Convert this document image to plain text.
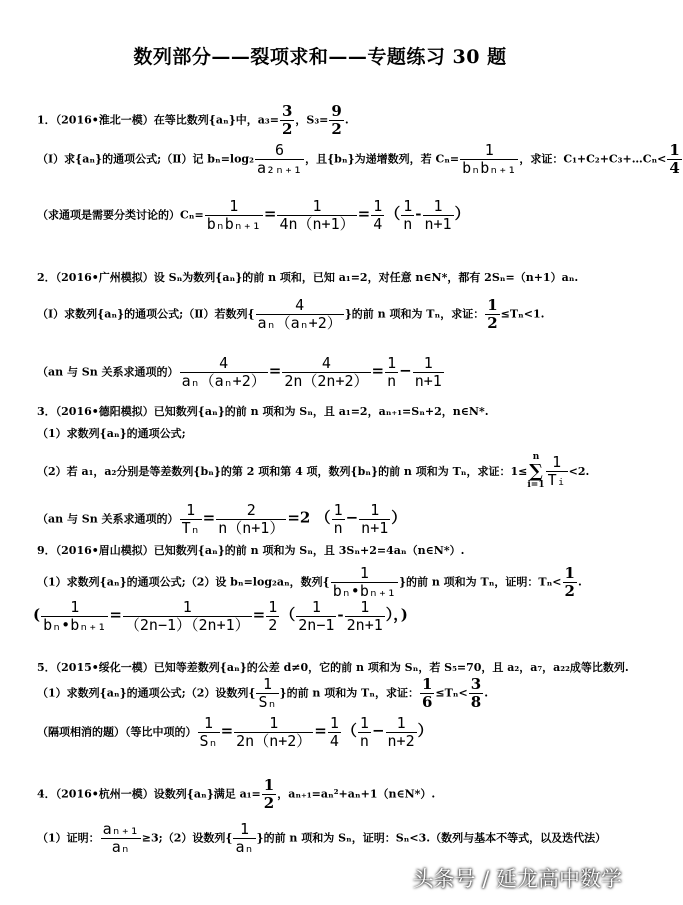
数列部分——裂项求和——专题练习 30 题
1．（2016•淮北一模）在等比数列{aₙ}中，$a_3= \frac{3}{2}$ ，$S_3= \frac{9}{2}$ .
（Ⅰ）求{aₙ}的通项公式;（Ⅱ）记 $b_n=\log_2 \frac{6}{\text{a₂ₙ₊₁}}$ ，且{bₙ}为递增数列，若 $C_n= \frac{1}{\text{bₙbₙ₊₁}}$ ，求证：C₁+C₂+C₃+…Cₙ< $\frac{1}{4}$
（求通项是需要分类讨论的）$C_n= \frac{1}{\text{bₙbₙ₊₁}} = \frac{1}{4n(n+1)} = \frac{1}{4}$ （ $\frac{1}{n} - \frac{1}{n+1}$ ）
2．（2016•广州模拟）设 Sₙ为数列{aₙ}的前 n 项和，已知 a₁=2，对任意 n∈N*，都有 2Sₙ=（n+1）aₙ.
（Ⅰ）求数列{aₙ}的通项公式;（Ⅱ）若数列{ $\frac{4}{\text{aₙ（aₙ+2）}}$ }的前 n 项和为 Tₙ，求证： $\frac{1}{2} \le T_n<1$.
（an 与 Sn 关系求通项的） $\frac{4}{\text{aₙ（aₙ+2）}} = \frac{4}{2n(2n+2)} = \frac{1}{n} - \frac{1}{n+1}$
3．（2016•德阳模拟）已知数列{aₙ}的前 n 项和为 Sₙ，且 a₁=2，aₙ₊₁=Sₙ+2，n∈N*.
（1）求数列{aₙ}的通项公式;
（2）若 a₁，a₂分别是等差数列{bₙ}的第 2 项和第 4 项，数列{bₙ}的前 n 项和为 Tₙ，求证：1≤
n
∑
$i=1 \frac{1}{\text{Tᵢ}} <2$.
（an 与 Sn 关系求通项的） $\frac{1}{\text{Tₙ}} = \frac{2}{n(n+1)} =2$ （ $\frac{1}{n} - \frac{1}{n+1}$ ）
9．（2016•眉山模拟）已知数列{aₙ}的前 n 项和为 Sₙ，且 3Sₙ+2=4aₙ（n∈N*）.
（1）求数列{aₙ}的通项公式;（2）设 bₙ=log₂aₙ，数列{ $\frac{1}{\text{bₙ•bₙ₊₁}}$ }的前 n 项和为 Tₙ，证明：$T_n< \frac{1}{2}$ .
( $\frac{1}{\text{bₙ•bₙ₊₁}} = \frac{1}{(2n-1)(2n+1)} = \frac{1}{2}$ （ $\frac{1}{2n-1} - \frac{1}{2n+1}$ ），)
5．（2015•绥化一模）已知等差数列{aₙ}的公差 d≠0，它的前 n 项和为 Sₙ，若 S₅=70，且 a₂，a₇，a₂₂成等比数列.
（1）求数列{aₙ}的通项公式;（2）设数列{ $\frac{1}{\text{Sₙ}}$ }的前 n 项和为 Tₙ，求证： $\frac{1}{6} \le T_n< \frac{3}{8}$ .
（隔项相消的题）（等比中项的） $\frac{1}{\text{Sₙ}} = \frac{1}{2n(n+2)} = \frac{1}{4}$ （ $\frac{1}{n} - \frac{1}{n+2}$ ）
4．（2016•杭州一模）设数列{aₙ}满足 $a_1= \frac{1}{2}$ ，aₙ₊₁=aₙ²+aₙ+1（n∈N*）.
（1）证明： $\frac{\text{aₙ₊₁}}{\text{aₙ}}$ ≥3;（2）设数列{ $\frac{1}{\text{aₙ}}$ }的前 n 项和为 Sₙ，证明：Sₙ<3.（数列与基本不等式，以及迭代法）
头条号 / 延龙高中数学
